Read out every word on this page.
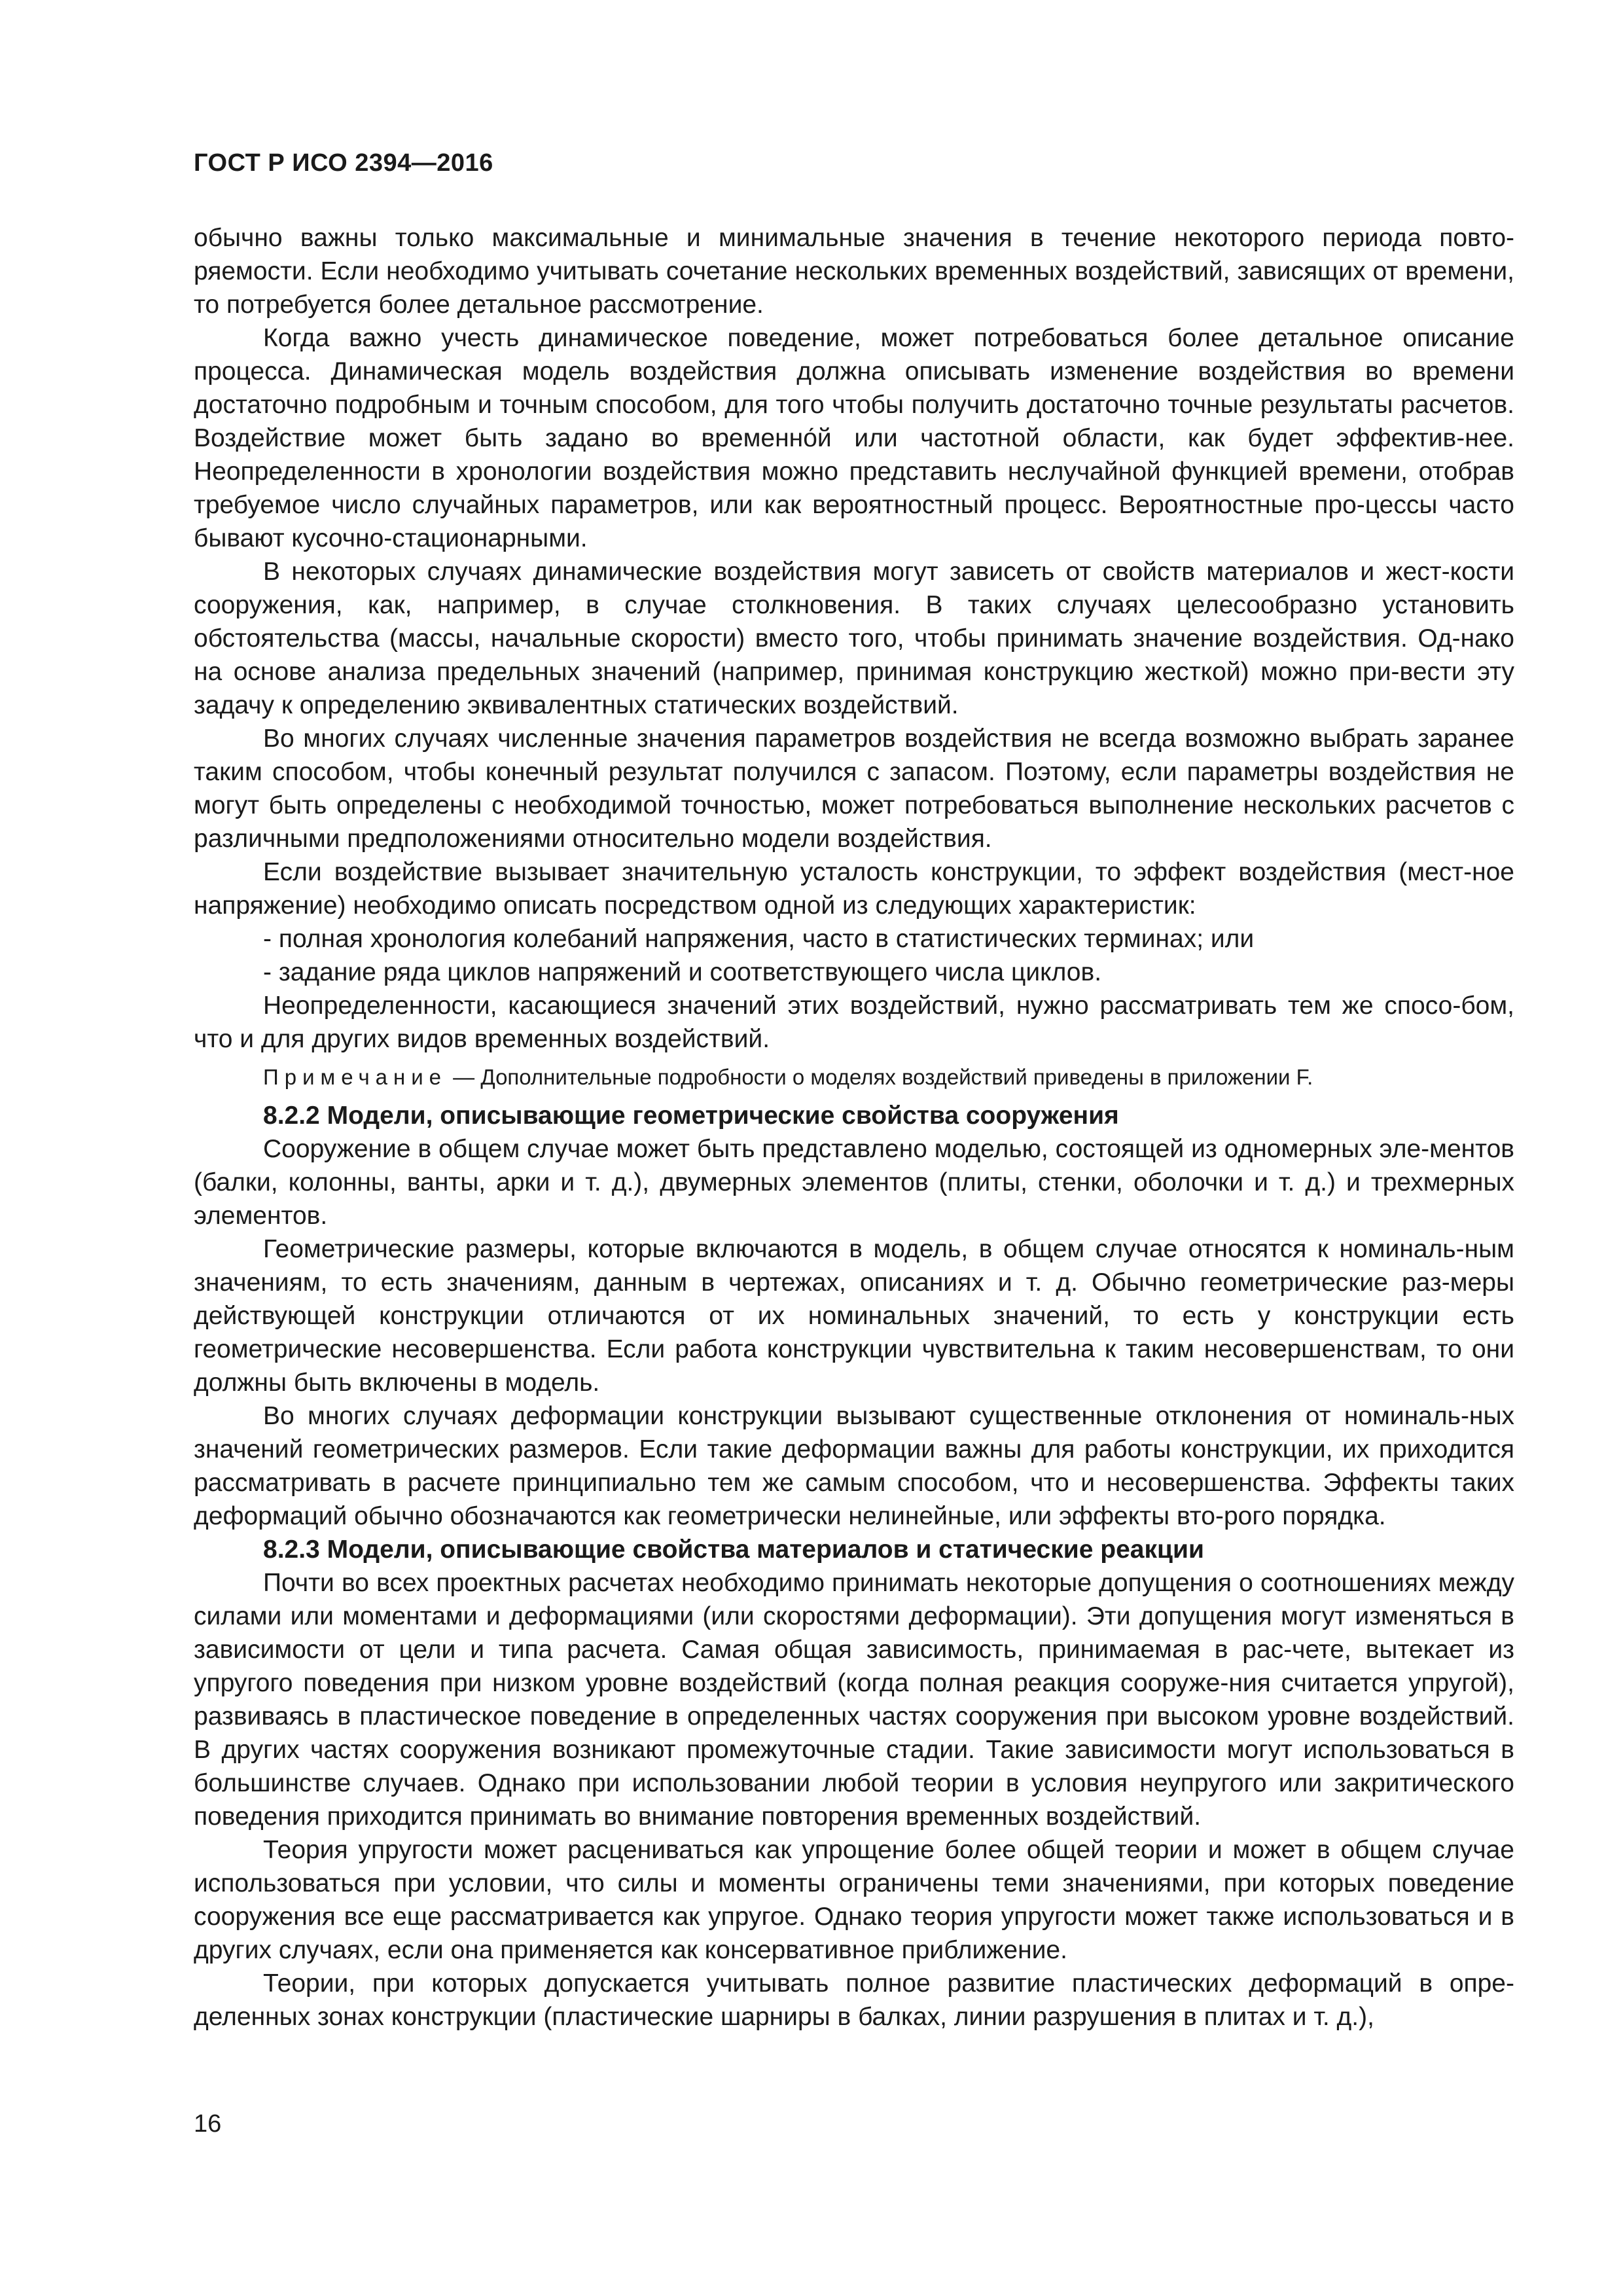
ГОСТ Р ИСО 2394—2016

обычно важны только максимальные и минимальные значения в течение некоторого периода повто-ряемости. Если необходимо учитывать сочетание нескольких временных воздействий, зависящих от времени, то потребуется более детальное рассмотрение.

Когда важно учесть динамическое поведение, может потребоваться более детальное описание процесса. Динамическая модель воздействия должна описывать изменение воздействия во времени достаточно подробным и точным способом, для того чтобы получить достаточно точные результаты расчетов. Воздействие может быть задано во временно́й или частотной области, как будет эффектив-нее. Неопределенности в хронологии воздействия можно представить неслучайной функцией времени, отобрав требуемое число случайных параметров, или как вероятностный процесс. Вероятностные про-цессы часто бывают кусочно-стационарными.

В некоторых случаях динамические воздействия могут зависеть от свойств материалов и жест-кости сооружения, как, например, в случае столкновения. В таких случаях целесообразно установить обстоятельства (массы, начальные скорости) вместо того, чтобы принимать значение воздействия. Од-нако на основе анализа предельных значений (например, принимая конструкцию жесткой) можно при-вести эту задачу к определению эквивалентных статических воздействий.

Во многих случаях численные значения параметров воздействия не всегда возможно выбрать заранее таким способом, чтобы конечный результат получился с запасом. Поэтому, если параметры воздействия не могут быть определены с необходимой точностью, может потребоваться выполнение нескольких расчетов с различными предположениями относительно модели воздействия.

Если воздействие вызывает значительную усталость конструкции, то эффект воздействия (мест-ное напряжение) необходимо описать посредством одной из следующих характеристик:

- полная хронология колебаний напряжения, часто в статистических терминах; или

- задание ряда циклов напряжений и соответствующего числа циклов.

Неопределенности, касающиеся значений этих воздействий, нужно рассматривать тем же спосо-бом, что и для других видов временных воздействий.

Примечание — Дополнительные подробности о моделях воздействий приведены в приложении F.
8.2.2 Модели, описывающие геометрические свойства сооружения

Сооружение в общем случае может быть представлено моделью, состоящей из одномерных эле-ментов (балки, колонны, ванты, арки и т. д.), двумерных элементов (плиты, стенки, оболочки и т. д.) и трехмерных элементов.

Геометрические размеры, которые включаются в модель, в общем случае относятся к номиналь-ным значениям, то есть значениям, данным в чертежах, описаниях и т. д. Обычно геометрические раз-меры действующей конструкции отличаются от их номинальных значений, то есть у конструкции есть геометрические несовершенства. Если работа конструкции чувствительна к таким несовершенствам, то они должны быть включены в модель.

Во многих случаях деформации конструкции вызывают существенные отклонения от номиналь-ных значений геометрических размеров. Если такие деформации важны для работы конструкции, их приходится рассматривать в расчете принципиально тем же самым способом, что и несовершенства. Эффекты таких деформаций обычно обозначаются как геометрически нелинейные, или эффекты вто-рого порядка.

8.2.3 Модели, описывающие свойства материалов и статические реакции

Почти во всех проектных расчетах необходимо принимать некоторые допущения о соотношениях между силами или моментами и деформациями (или скоростями деформации). Эти допущения могут изменяться в зависимости от цели и типа расчета. Самая общая зависимость, принимаемая в рас-чете, вытекает из упругого поведения при низком уровне воздействий (когда полная реакция сооруже-ния считается упругой), развиваясь в пластическое поведение в определенных частях сооружения при высоком уровне воздействий. В других частях сооружения возникают промежуточные стадии. Такие зависимости могут использоваться в большинстве случаев. Однако при использовании любой теории в условия неупругого или закритического поведения приходится принимать во внимание повторения временных воздействий.

Теория упругости может расцениваться как упрощение более общей теории и может в общем случае использоваться при условии, что силы и моменты ограничены теми значениями, при которых поведение сооружения все еще рассматривается как упругое. Однако теория упругости может также использоваться и в других случаях, если она применяется как консервативное приближение.

Теории, при которых допускается учитывать полное развитие пластических деформаций в опре-деленных зонах конструкции (пластические шарниры в балках, линии разрушения в плитах и т. д.),

16
